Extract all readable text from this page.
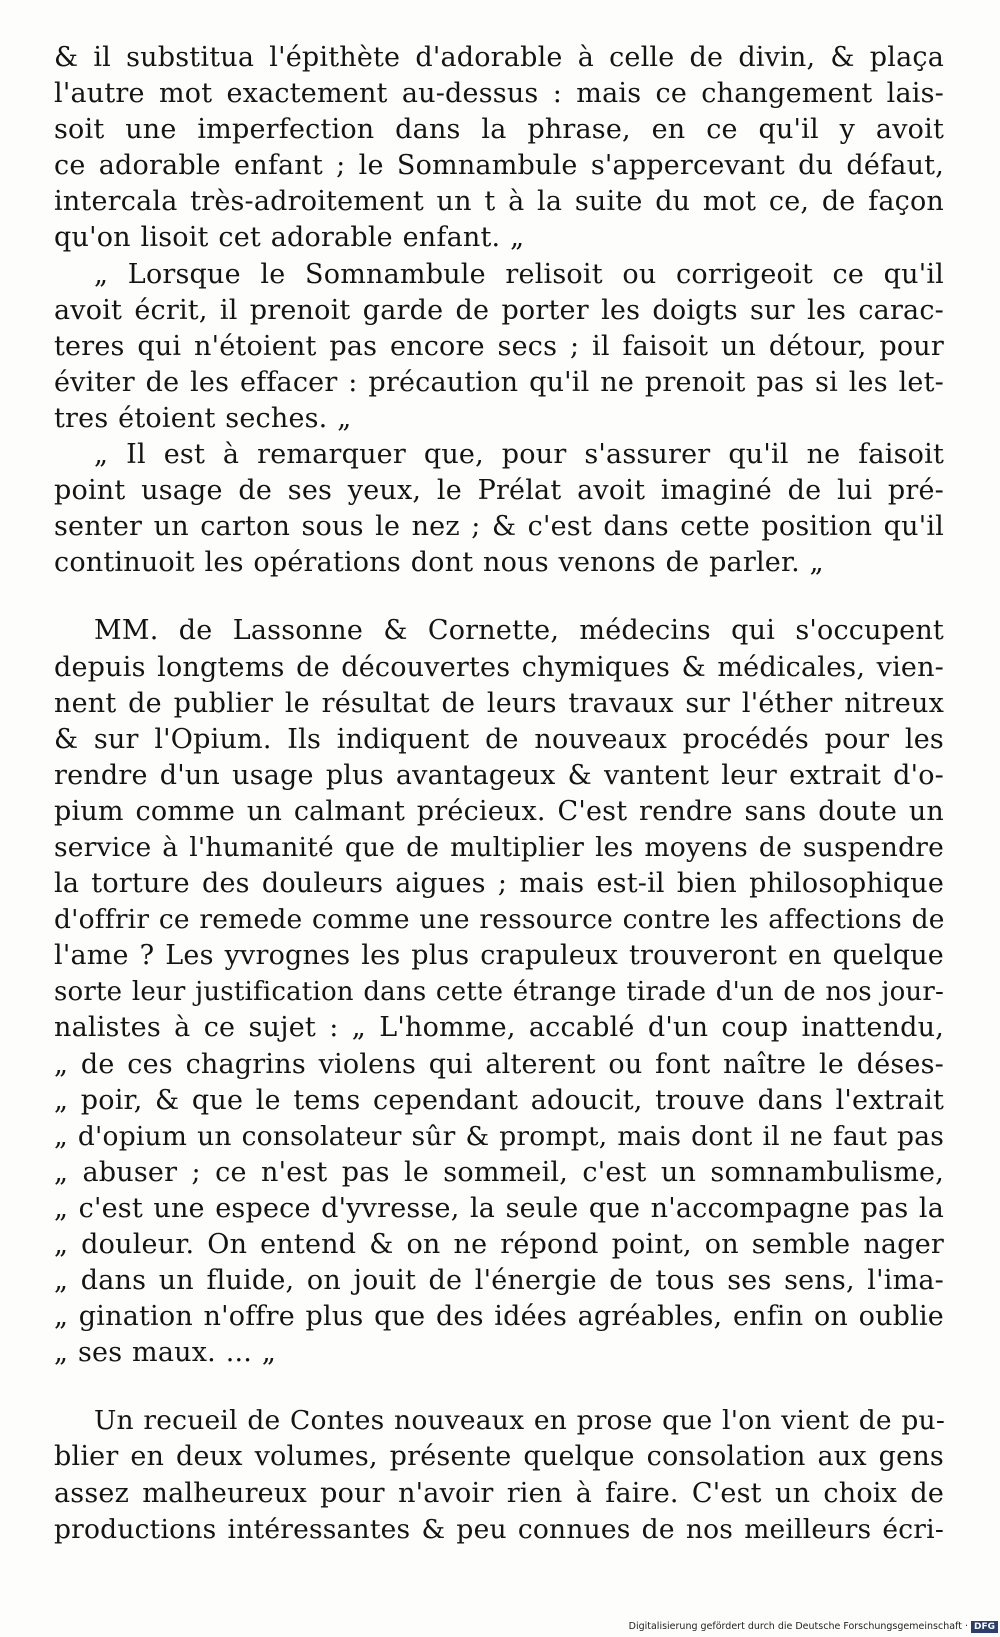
& il substitua l'épithète d'adorable à celle de divin, & plaça
l'autre mot exactement au-dessus : mais ce changement lais-
soit une imperfection dans la phrase, en ce qu'il y avoit
ce adorable enfant ; le Somnambule s'appercevant du défaut,
intercala très-adroitement un t à la suite du mot ce, de façon
qu'on lisoit cet adorable enfant. „
„ Lorsque le Somnambule relisoit ou corrigeoit ce qu'il
avoit écrit, il prenoit garde de porter les doigts sur les carac-
teres qui n'étoient pas encore secs ; il faisoit un détour, pour
éviter de les effacer : précaution qu'il ne prenoit pas si les let-
tres étoient seches. „
„ Il est à remarquer que, pour s'assurer qu'il ne faisoit
point usage de ses yeux, le Prélat avoit imaginé de lui pré-
senter un carton sous le nez ; & c'est dans cette position qu'il
continuoit les opérations dont nous venons de parler. „
MM. de Lassonne & Cornette, médecins qui s'occupent
depuis longtems de découvertes chymiques & médicales, vien-
nent de publier le résultat de leurs travaux sur l'éther nitreux
& sur l'Opium. Ils indiquent de nouveaux procédés pour les
rendre d'un usage plus avantageux & vantent leur extrait d'o-
pium comme un calmant précieux. C'est rendre sans doute un
service à l'humanité que de multiplier les moyens de suspendre
la torture des douleurs aigues ; mais est-il bien philosophique
d'offrir ce remede comme une ressource contre les affections de
l'ame ? Les yvrognes les plus crapuleux trouveront en quelque
sorte leur justification dans cette étrange tirade d'un de nos jour-
nalistes à ce sujet : „ L'homme, accablé d'un coup inattendu,
„ de ces chagrins violens qui alterent ou font naître le déses-
„ poir, & que le tems cependant adoucit, trouve dans l'extrait
„ d'opium un consolateur sûr & prompt, mais dont il ne faut pas
„ abuser ; ce n'est pas le sommeil, c'est un somnambulisme,
„ c'est une espece d'yvresse, la seule que n'accompagne pas la
„ douleur. On entend & on ne répond point, on semble nager
„ dans un fluide, on jouit de l'énergie de tous ses sens, l'ima-
„ gination n'offre plus que des idées agréables, enfin on oublie
„ ses maux. ... „
Un recueil de Contes nouveaux en prose que l'on vient de pu-
blier en deux volumes, présente quelque consolation aux gens
assez malheureux pour n'avoir rien à faire. C'est un choix de
productions intéressantes & peu connues de nos meilleurs écri-
Digitalisierung gefördert durch die Deutsche Forschungsgemeinschaft · DFG
